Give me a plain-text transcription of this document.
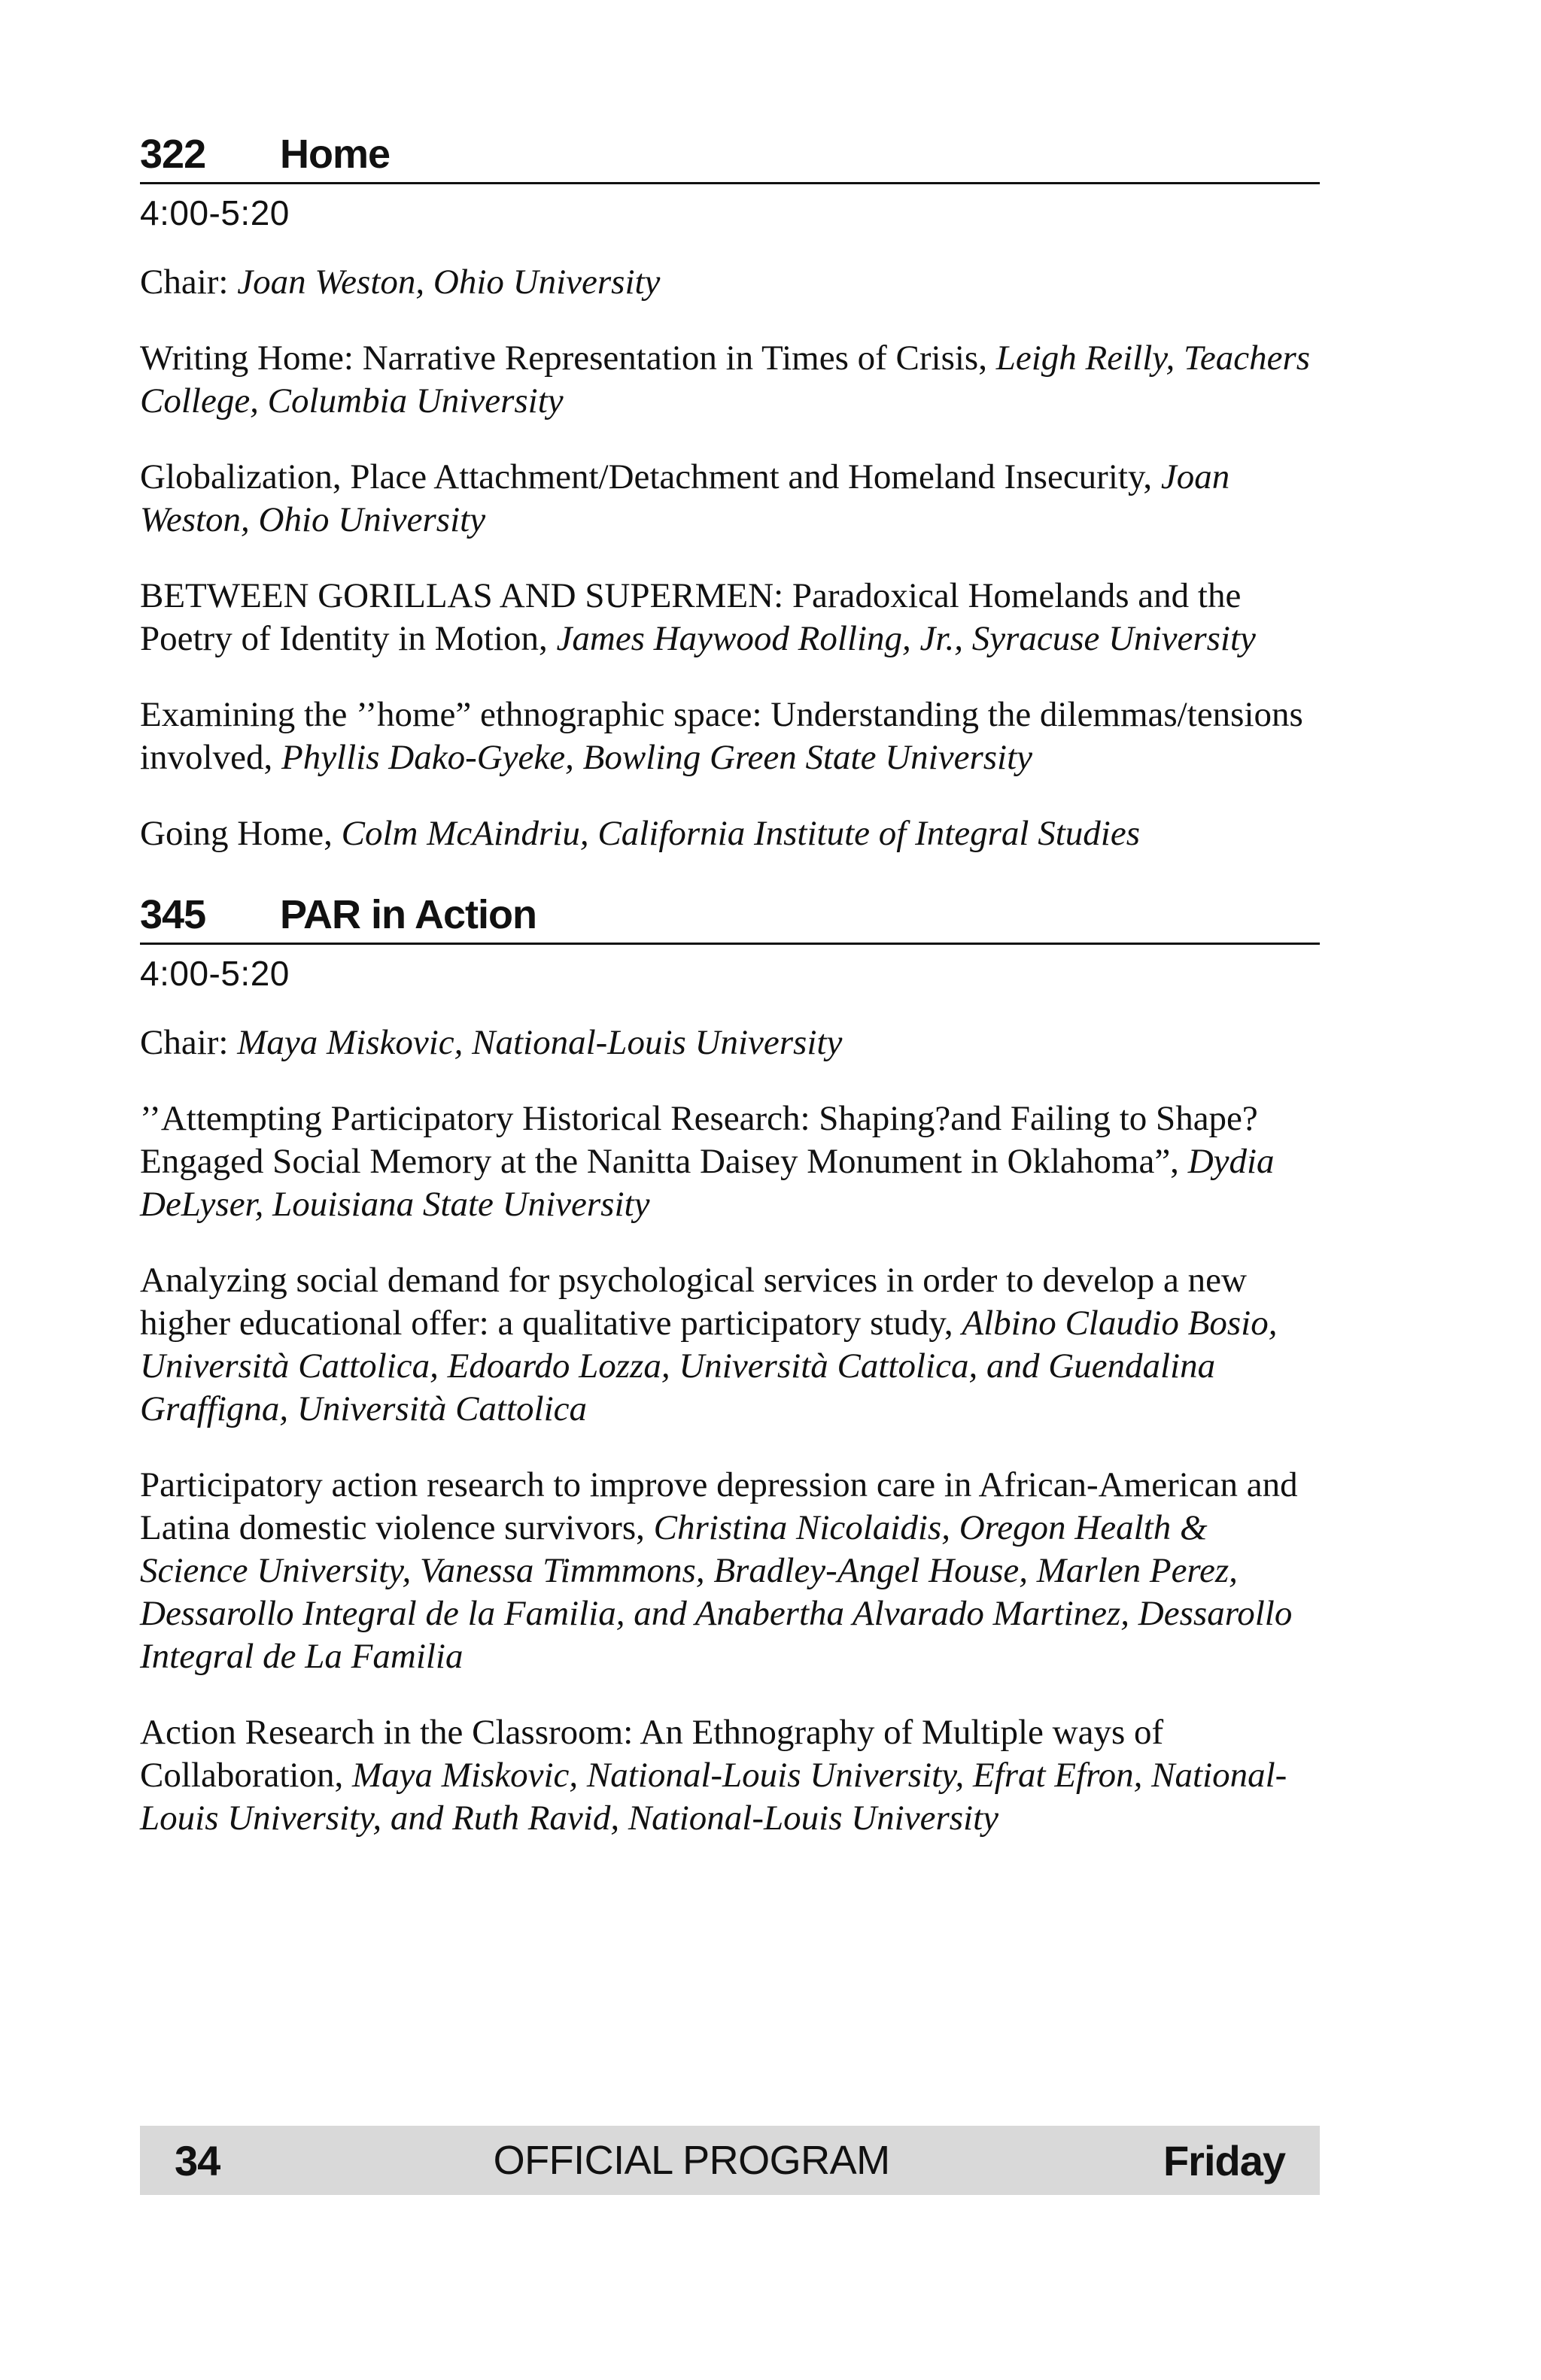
322	Home
4:00-5:20

Chair: Joan Weston, Ohio University

Writing Home: Narrative Representation in Times of Crisis, Leigh Reilly, Teachers College, Columbia University

Globalization, Place Attachment/Detachment and Homeland Insecurity, Joan Weston, Ohio University

BETWEEN GORILLAS AND SUPERMEN: Paradoxical Homelands and the Poetry of Identity in Motion, James Haywood Rolling, Jr., Syracuse University

Examining the ’’home” ethnographic space: Understanding the dilemmas/tensions involved, Phyllis Dako-Gyeke, Bowling Green State University

Going Home, Colm McAindriu, California Institute of Integral Studies

345	PAR in Action
4:00-5:20

Chair: Maya Miskovic, National-Louis University

’’Attempting Participatory Historical Research: Shaping?and Failing to Shape?Engaged Social Memory at the Nanitta Daisey Monument in Oklahoma”, Dydia DeLyser, Louisiana State University

Analyzing social demand for psychological services in order to develop a new higher educational offer: a qualitative participatory study, Albino Claudio Bosio, Università Cattolica, Edoardo Lozza, Università Cattolica, and Guendalina Graffigna, Università Cattolica

Participatory action research to improve depression care in African-American and Latina domestic violence survivors, Christina Nicolaidis, Oregon Health & Science University, Vanessa Timmmons, Bradley-Angel House, Marlen Perez, Dessarollo Integral de la Familia, and Anabertha Alvarado Martinez, Dessarollo Integral de La Familia

Action Research in the Classroom: An Ethnography of Multiple ways of Collaboration, Maya Miskovic, National-Louis University, Efrat Efron, National-Louis University, and Ruth Ravid, National-Louis University

34	OFFICIAL PROGRAM	Friday
